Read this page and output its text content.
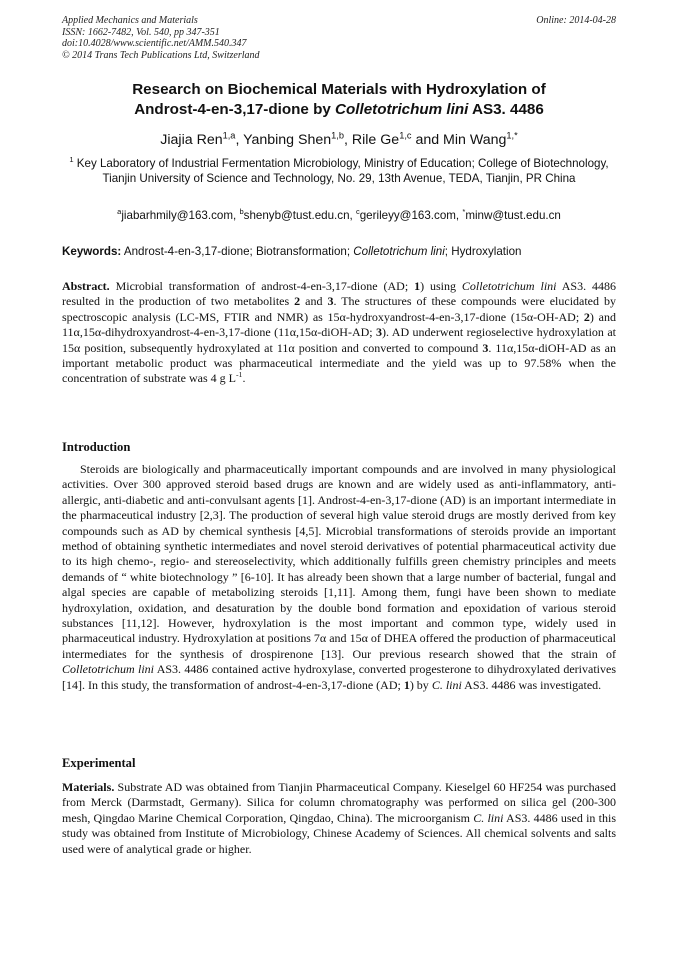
Applied Mechanics and Materials
ISSN: 1662-7482, Vol. 540, pp 347-351
doi:10.4028/www.scientific.net/AMM.540.347
© 2014 Trans Tech Publications Ltd, Switzerland
Online: 2014-04-28
Research on Biochemical Materials with Hydroxylation of
Androst-4-en-3,17-dione by Colletotrichum lini AS3. 4486
Jiajia Ren$^{1,a}$, Yanbing Shen$^{1,b}$, Rile Ge$^{1,c}$ and Min Wang$^{1,*}$
$^1$ Key Laboratory of Industrial Fermentation Microbiology, Ministry of Education; College of Biotechnology, Tianjin University of Science and Technology, No. 29, 13th Avenue, TEDA, Tianjin, PR China
$^a$jiabarhmily@163.com, $^b$shenyb@tust.edu.cn, $^c$gerileyy@163.com, *minw@tust.edu.cn
Keywords: Androst-4-en-3,17-dione; Biotransformation; Colletotrichum lini; Hydroxylation
Abstract. Microbial transformation of androst-4-en-3,17-dione (AD; 1) using Colletotrichum lini AS3. 4486 resulted in the production of two metabolites 2 and 3. The structures of these compounds were elucidated by spectroscopic analysis (LC-MS, FTIR and NMR) as 15α-hydroxyandrost-4-en-3,17-dione (15α-OH-AD; 2) and 11α,15α-dihydroxyandrost-4-en-3,17-dione (11α,15α-diOH-AD; 3). AD underwent regioselective hydroxylation at 15α position, subsequently hydroxylated at 11α position and converted to compound 3. 11α,15α-diOH-AD as an important metabolic product was pharmaceutical intermediate and the yield was up to 97.58% when the concentration of substrate was 4 g $L^{-1}$.
Introduction
Steroids are biologically and pharmaceutically important compounds and are involved in many physiological activities. Over 300 approved steroid based drugs are known and are widely used as anti-inflammatory, anti-allergic, anti-diabetic and anti-convulsant agents [1]. Androst-4-en-3,17-dione (AD) is an important intermediate in the pharmaceutical industry [2,3]. The production of several high value steroid drugs are mostly derived from key compounds such as AD by chemical synthesis [4,5]. Microbial transformations of steroids provide an important method of obtaining synthetic intermediates and novel steroid derivatives of potential pharmaceutical activity due to its high chemo-, regio- and stereoselectivity, which additionally fulfills green chemistry principles and meets demands of “ white biotechnology ” [6-10]. It has already been shown that a large number of bacterial, fungal and algal species are capable of metabolizing steroids [1,11]. Among them, fungi have been shown to mediate hydroxylation, oxidation, and desaturation by the double bond formation and epoxidation of various steroid substances [11,12]. However, hydroxylation is the most important and common type, widely used in pharmaceutical industry. Hydroxylation at positions 7α and 15α of DHEA offered the production of pharmaceutical intermediates for the synthesis of drospirenone [13]. Our previous research showed that the strain of Colletotrichum lini AS3. 4486 contained active hydroxylase, converted progesterone to dihydroxylated derivatives [14]. In this study, the transformation of androst-4-en-3,17-dione (AD; 1) by C. lini AS3. 4486 was investigated.
Experimental
Materials. Substrate AD was obtained from Tianjin Pharmaceutical Company. Kieselgel 60 HF254 was purchased from Merck (Darmstadt, Germany). Silica for column chromatography was performed on silica gel (200-300 mesh, Qingdao Marine Chemical Corporation, Qingdao, China). The microorganism C. lini AS3. 4486 used in this study was obtained from Institute of Microbiology, Chinese Academy of Sciences. All chemical solvents and salts used were of analytical grade or higher.
